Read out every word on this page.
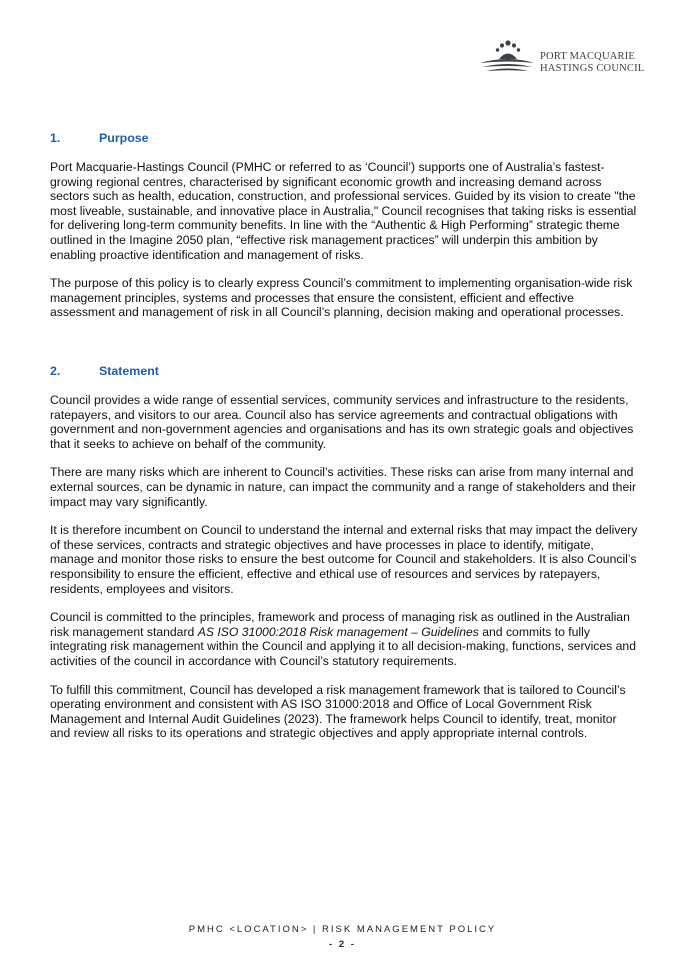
PORT MACQUARIE
HASTINGS COUNCIL
1.	Purpose

Port Macquarie-Hastings Council (PMHC or referred to as ‘Council’) supports one of Australia’s fastest-growing regional centres, characterised by significant economic growth and increasing demand across sectors such as health, education, construction, and professional services. Guided by its vision to create "the most liveable, sustainable, and innovative place in Australia," Council recognises that taking risks is essential for delivering long-term community benefits. In line with the “Authentic & High Performing” strategic theme outlined in the Imagine 2050 plan, “effective risk management practices” will underpin this ambition by enabling proactive identification and management of risks.

The purpose of this policy is to clearly express Council’s commitment to implementing organisation-wide risk management principles, systems and processes that ensure the consistent, efficient and effective assessment and management of risk in all Council’s planning, decision making and operational processes.

2.	Statement

Council provides a wide range of essential services, community services and infrastructure to the residents, ratepayers, and visitors to our area. Council also has service agreements and contractual obligations with government and non-government agencies and organisations and has its own strategic goals and objectives that it seeks to achieve on behalf of the community.

There are many risks which are inherent to Council’s activities. These risks can arise from many internal and external sources, can be dynamic in nature, can impact the community and a range of stakeholders and their impact may vary significantly.

It is therefore incumbent on Council to understand the internal and external risks that may impact the delivery of these services, contracts and strategic objectives and have processes in place to identify, mitigate, manage and monitor those risks to ensure the best outcome for Council and stakeholders. It is also Council’s responsibility to ensure the efficient, effective and ethical use of resources and services by ratepayers, residents, employees and visitors.

Council is committed to the principles, framework and process of managing risk as outlined in the Australian risk management standard AS ISO 31000:2018 Risk management – Guidelines and commits to fully integrating risk management within the Council and applying it to all decision-making, functions, services and activities of the council in accordance with Council’s statutory requirements.

To fulfill this commitment, Council has developed a risk management framework that is tailored to Council’s operating environment and consistent with AS ISO 31000:2018 and Office of Local Government Risk Management and Internal Audit Guidelines (2023). The framework helps Council to identify, treat, monitor and review all risks to its operations and strategic objectives and apply appropriate internal controls.

PMHC <LOCATION> | RISK MANAGEMENT POLICY
- 2 -
